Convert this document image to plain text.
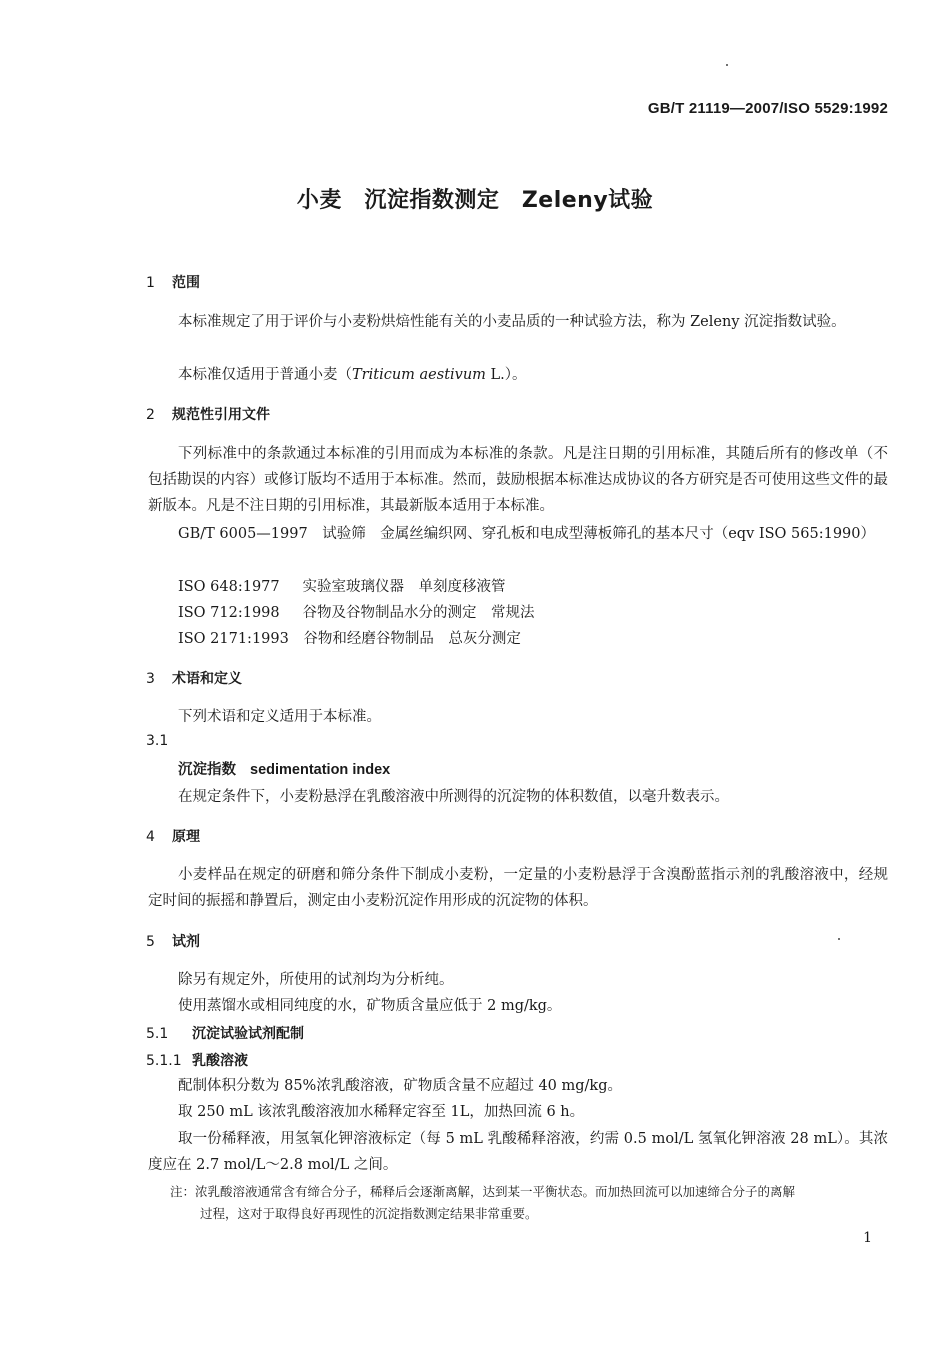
GB/T 21119—2007/ISO 5529:1992
小麦　沉淀指数测定　Zeleny试验
1 范围
本标准规定了用于评价与小麦粉烘焙性能有关的小麦品质的一种试验方法，称为 Zeleny 沉淀指数试验。
本标准仅适用于普通小麦（Triticum aestivum L.）。
2 规范性引用文件
下列标准中的条款通过本标准的引用而成为本标准的条款。凡是注日期的引用标准，其随后所有的修改单（不包括勘误的内容）或修订版均不适用于本标准。然而，鼓励根据本标准达成协议的各方研究是否可使用这些文件的最新版本。凡是不注日期的引用标准，其最新版本适用于本标准。
GB/T 6005—1997　 试验筛　金属丝编织网、穿孔板和电成型薄板筛孔的基本尺寸（eqv ISO 565:1990）
ISO 648:1977　 实验室玻璃仪器　单刻度移液管
ISO 712:1998　 谷物及谷物制品水分的测定　常规法
ISO 2171:1993　 谷物和经磨谷物制品　总灰分测定
3 术语和定义
下列术语和定义适用于本标准。
3.1
沉淀指数 sedimentation index
在规定条件下，小麦粉悬浮在乳酸溶液中所测得的沉淀物的体积数值，以毫升数表示。
4 原理
小麦样品在规定的研磨和筛分条件下制成小麦粉，一定量的小麦粉悬浮于含溴酚蓝指示剂的乳酸溶液中，经规定时间的振摇和静置后，测定由小麦粉沉淀作用形成的沉淀物的体积。
5 试剂
除另有规定外，所使用的试剂均为分析纯。
使用蒸馏水或相同纯度的水，矿物质含量应低于 2 mg/kg。
5.1 沉淀试验试剂配制
5.1.1 乳酸溶液
配制体积分数为 85%浓乳酸溶液，矿物质含量不应超过 40 mg/kg。
取 250 mL 该浓乳酸溶液加水稀释定容至 1L，加热回流 6 h。
取一份稀释液，用氢氧化钾溶液标定（每 5 mL 乳酸稀释溶液，约需 0.5 mol/L 氢氧化钾溶液 28 mL）。其浓度应在 2.7 mol/L～2.8 mol/L 之间。
注：浓乳酸溶液通常含有缔合分子，稀释后会逐渐离解，达到某一平衡状态。而加热回流可以加速缔合分子的离解
过程，这对于取得良好再现性的沉淀指数测定结果非常重要。
1
